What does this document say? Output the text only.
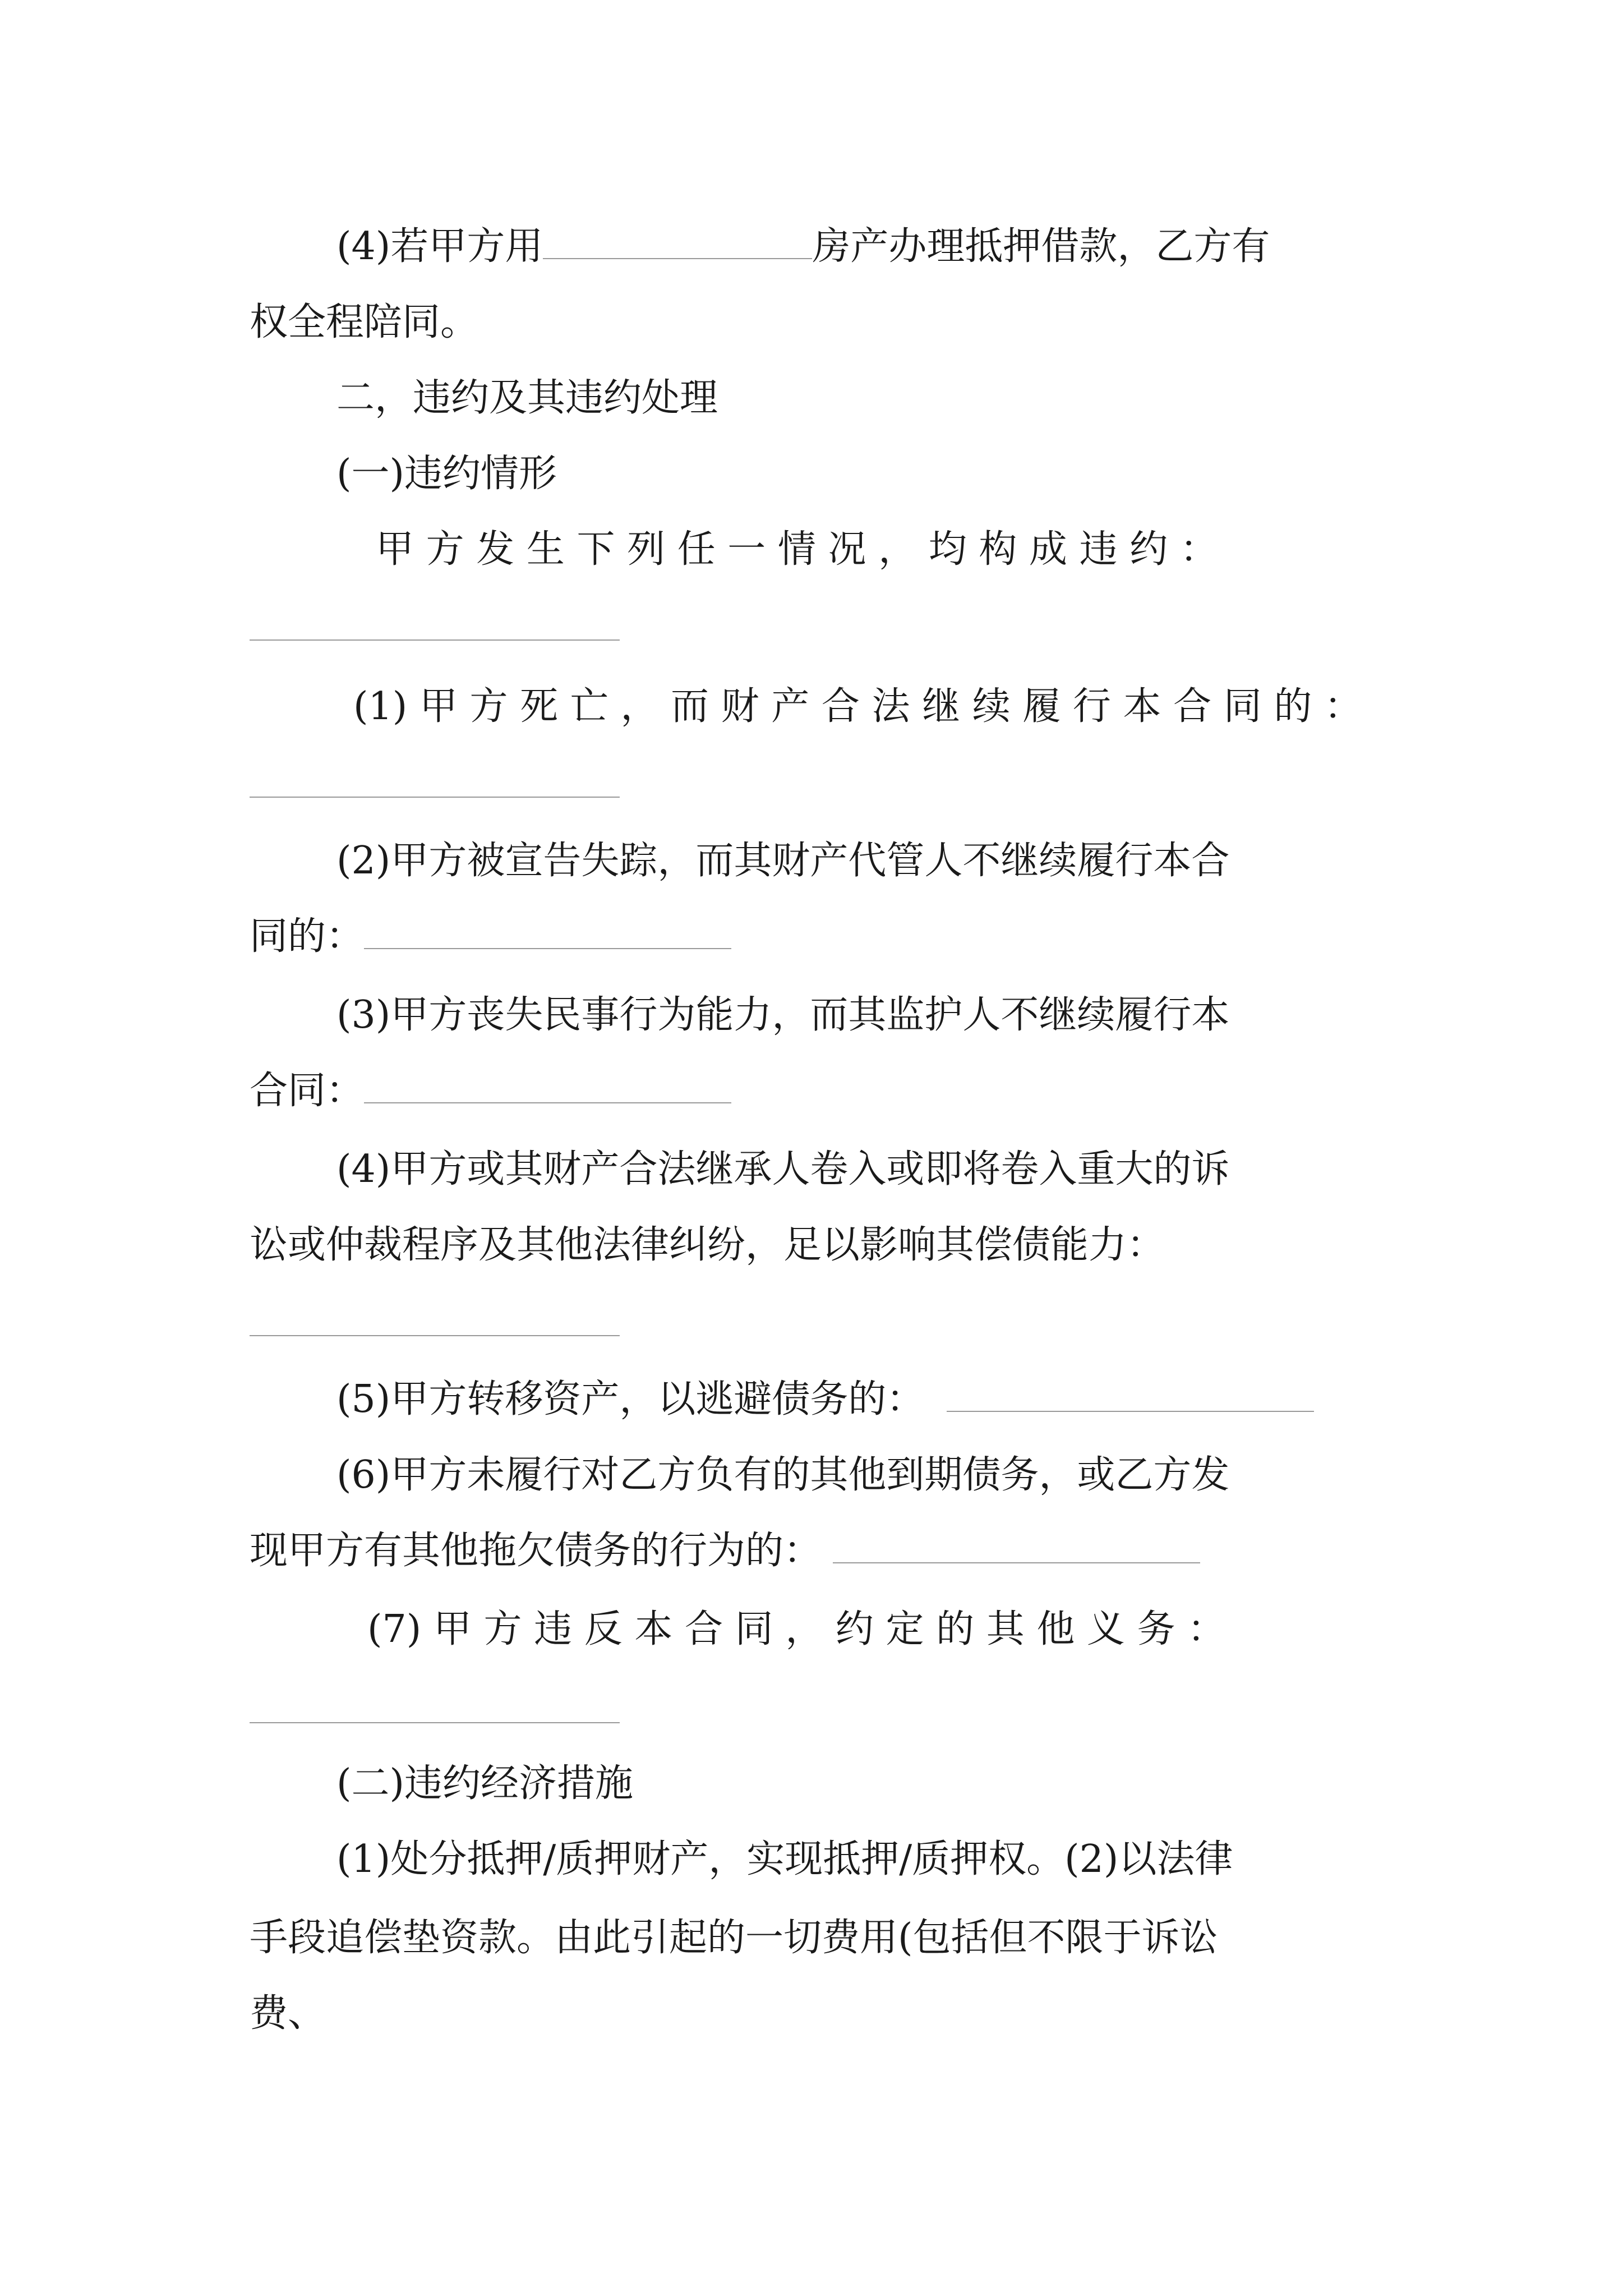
(4)若甲方用	房产办理抵押借款，乙方有
权全程陪同。
二，违约及其违约处理
(一)违约情形
甲 方 发 生 下 列 任 一 情 况 ， 均 构 成 违 约 ：
(1) 甲 方 死 亡 ， 而 财 产 合 法 继 续 履 行 本 合 同 的 ：
(2)甲方被宣告失踪，而其财产代管人不继续履行本合
同的：
(3)甲方丧失民事行为能力，而其监护人不继续履行本
合同：
(4)甲方或其财产合法继承人卷入或即将卷入重大的诉
讼或仲裁程序及其他法律纠纷，足以影响其偿债能力：
(5)甲方转移资产，以逃避债务的：
(6)甲方未履行对乙方负有的其他到期债务，或乙方发
现甲方有其他拖欠债务的行为的：
(7) 甲 方 违 反 本 合 同 ， 约 定 的 其 他 义 务 ：
(二)违约经济措施
(1)处分抵押/质押财产，实现抵押/质押权。(2)以法律
手段追偿垫资款。由此引起的一切费用(包括但不限于诉讼
费、
